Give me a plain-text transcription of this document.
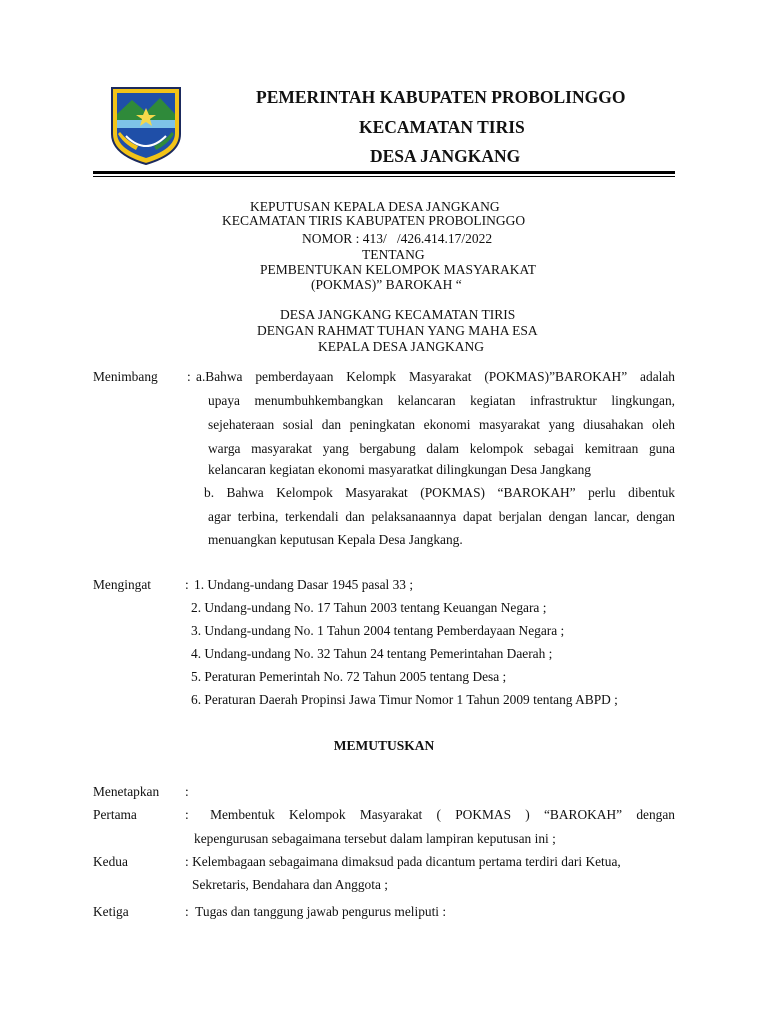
PEMERINTAH KABUPATEN PROBOLINGGO
KECAMATAN TIRIS
DESA JANGKANG
KEPUTUSAN KEPALA DESA JANGKANG
KECAMATAN TIRIS KABUPATEN PROBOLINGGO
NOMOR : 413/   /426.414.17/2022
TENTANG
PEMBENTUKAN KELOMPOK MASYARAKAT
(POKMAS)” BAROKAH “
DESA JANGKANG KECAMATAN TIRIS
DENGAN RAHMAT TUHAN YANG MAHA ESA
KEPALA DESA JANGKANG
Menimbang : a.Bahwa pemberdayaan Kelompk Masyarakat (POKMAS)”BAROKAH” adalah
upaya menumbuhkembangkan kelancaran kegiatan infrastruktur lingkungan,
sejehateraan sosial dan peningkatan ekonomi masyarakat yang diusahakan oleh
warga masyarakat yang bergabung dalam kelompok sebagai kemitraan guna
kelancaran kegiatan ekonomi masyaratkat dilingkungan Desa Jangkang
b. Bahwa Kelompok Masyarakat (POKMAS) “BAROKAH” perlu dibentuk
agar terbina, terkendali dan pelaksanaannya dapat berjalan dengan lancar, dengan
menuangkan keputusan Kepala Desa Jangkang.
Mengingat	: 1. Undang-undang Dasar 1945 pasal 33 ;
2. Undang-undang No. 17 Tahun 2003 tentang Keuangan Negara ;
3. Undang-undang No. 1 Tahun 2004 tentang Pemberdayaan Negara ;
4. Undang-undang No. 32 Tahun 24 tentang Pemerintahan Daerah ;
5. Peraturan Pemerintah No. 72 Tahun 2005 tentang Desa ;
6. Peraturan Daerah Propinsi Jawa Timur Nomor 1 Tahun 2009 tentang ABPD ;
MEMUTUSKAN
Menetapkan :
Pertama	:   Membentuk  Kelompok  Masyarakat  (  POKMAS  )  “BAROKAH”  dengan
kepengurusan sebagaimana tersebut dalam lampiran keputusan ini ;
Kedua	: Kelembagaan sebagaimana dimaksud pada dicantum pertama terdiri dari Ketua,
Sekretaris, Bendahara dan Anggota ;
Ketiga	:  Tugas dan tanggung jawab pengurus meliputi :
